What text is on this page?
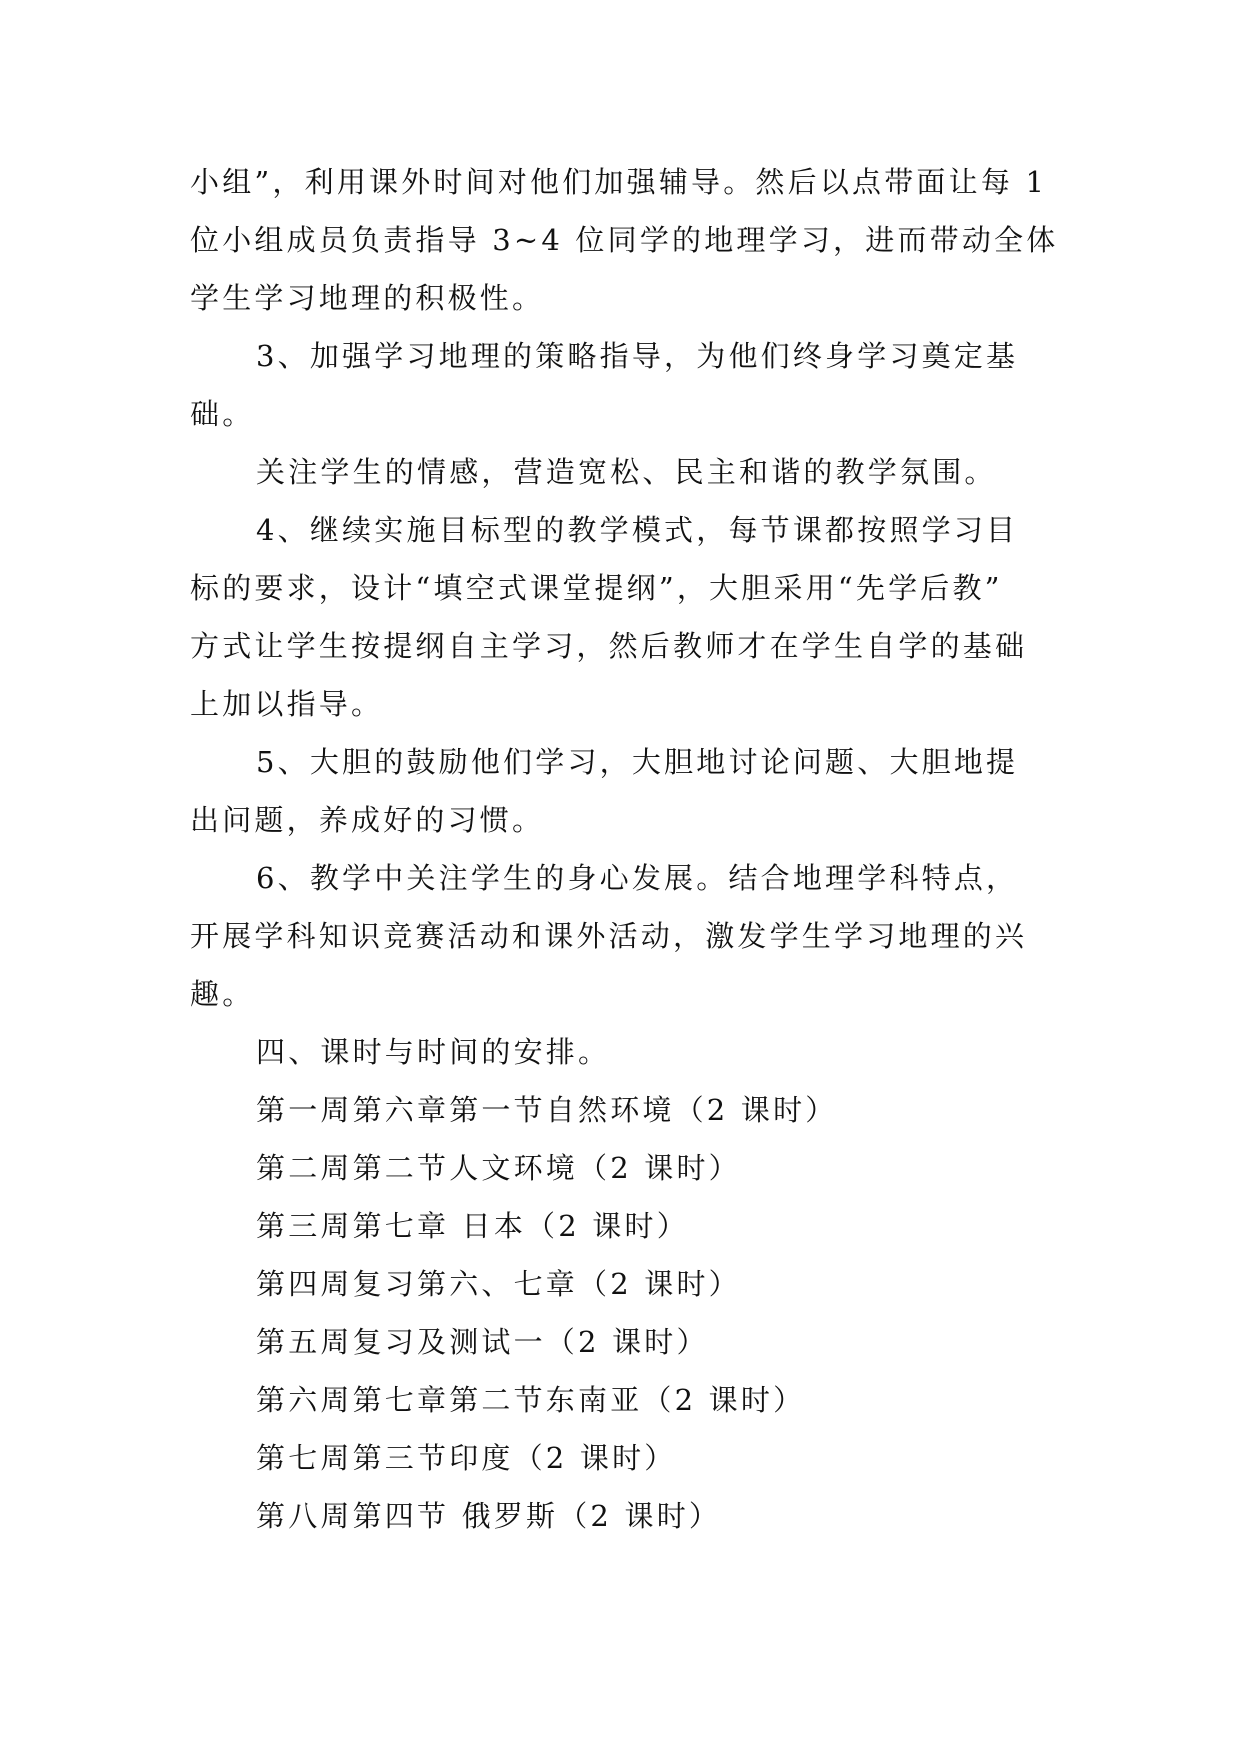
小组”，利用课外时间对他们加强辅导。然后以点带面让每 1
位小组成员负责指导 3~4 位同学的地理学习，进而带动全体
学生学习地理的积极性。
3、加强学习地理的策略指导，为他们终身学习奠定基
础。
关注学生的情感，营造宽松、民主和谐的教学氛围。
4、继续实施目标型的教学模式，每节课都按照学习目
标的要求，设计“填空式课堂提纲”，大胆采用“先学后教”
方式让学生按提纲自主学习，然后教师才在学生自学的基础
上加以指导。
5、大胆的鼓励他们学习，大胆地讨论问题、大胆地提
出问题，养成好的习惯。
6、教学中关注学生的身心发展。结合地理学科特点，
开展学科知识竞赛活动和课外活动，激发学生学习地理的兴
趣。
四、课时与时间的安排。
第一周第六章第一节自然环境（2 课时）
第二周第二节人文环境（2 课时）
第三周第七章 日本（2 课时）
第四周复习第六、七章（2 课时）
第五周复习及测试一（2 课时）
第六周第七章第二节东南亚（2 课时）
第七周第三节印度（2 课时）
第八周第四节 俄罗斯（2 课时）
